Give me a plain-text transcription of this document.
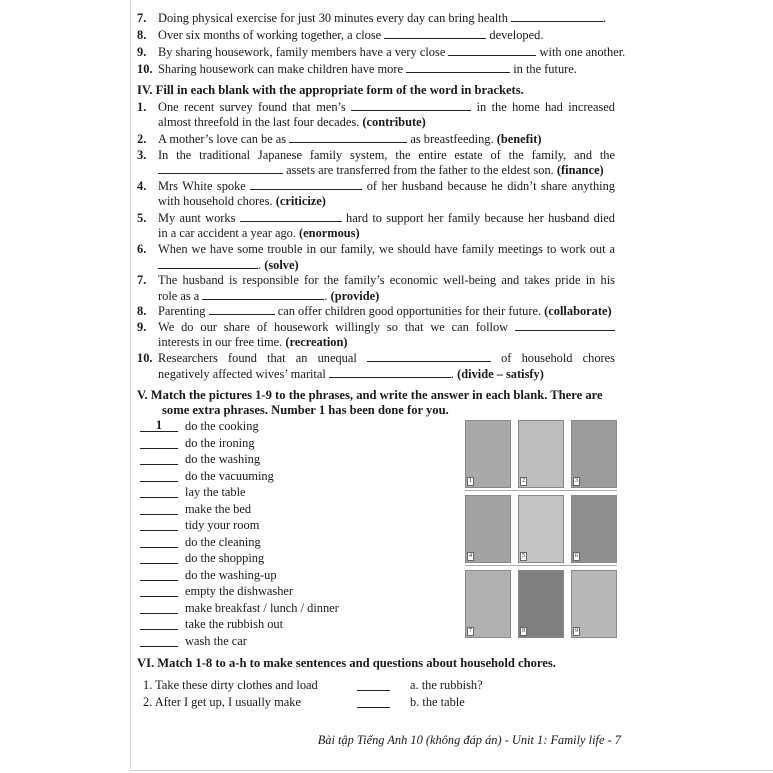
7. Doing physical exercise for just 30 minutes every day can bring health	.
8. Over six months of working together, a close	developed.
9. By sharing housework, family members have a very close	with one another.
10. Sharing housework can make children have more	in the future.
IV. Fill in each blank with the appropriate form of the word in brackets.
1. One recent survey found that men’s	in the home had increased
almost threefold in the last four decades. (contribute)
2. A mother’s love can be as	as breastfeeding. (benefit)
3. In the traditional Japanese family system, the entire estate of the family, and the
assets are transferred from the father to the eldest son. (finance)
4. Mrs White spoke	of her husband because he didn’t share anything
with household chores. (criticize)
5. My aunt works	hard to support her family because her husband died
in a car accident a year ago. (enormous)
6. When we have some trouble in our family, we should have family meetings to work out a
. (solve)
7. The husband is responsible for the family’s economic well-being and takes pride in his
role as a	. (provide)
8. Parenting	can offer children good opportunities for their future. (collaborate)
9. We do our share of housework willingly so that we can follow
interests in our free time. (recreation)
10. Researchers found that an unequal	of household chores
negatively affected wives’ marital	. (divide – satisfy)
V. Match the pictures 1-9 to the phrases, and write the answer in each blank. There are
some extra phrases. Number 1 has been done for you.
1	do the cooking
do the ironing
do the washing
do the vacuuming
lay the table
make the bed
tidy your room
do the cleaning
do the shopping
do the washing-up
empty the dishwasher
make breakfast / lunch / dinner
take the rubbish out
wash the car
1	2	3
4	5	6
7	8	9
VI. Match 1-8 to a-h to make sentences and questions about household chores.
1. Take these dirty clothes and load	a. the rubbish?
2. After I get up, I usually make	b. the table
Bài tập Tiếng Anh 10 (không đáp án) - Unit 1: Family life - 7
